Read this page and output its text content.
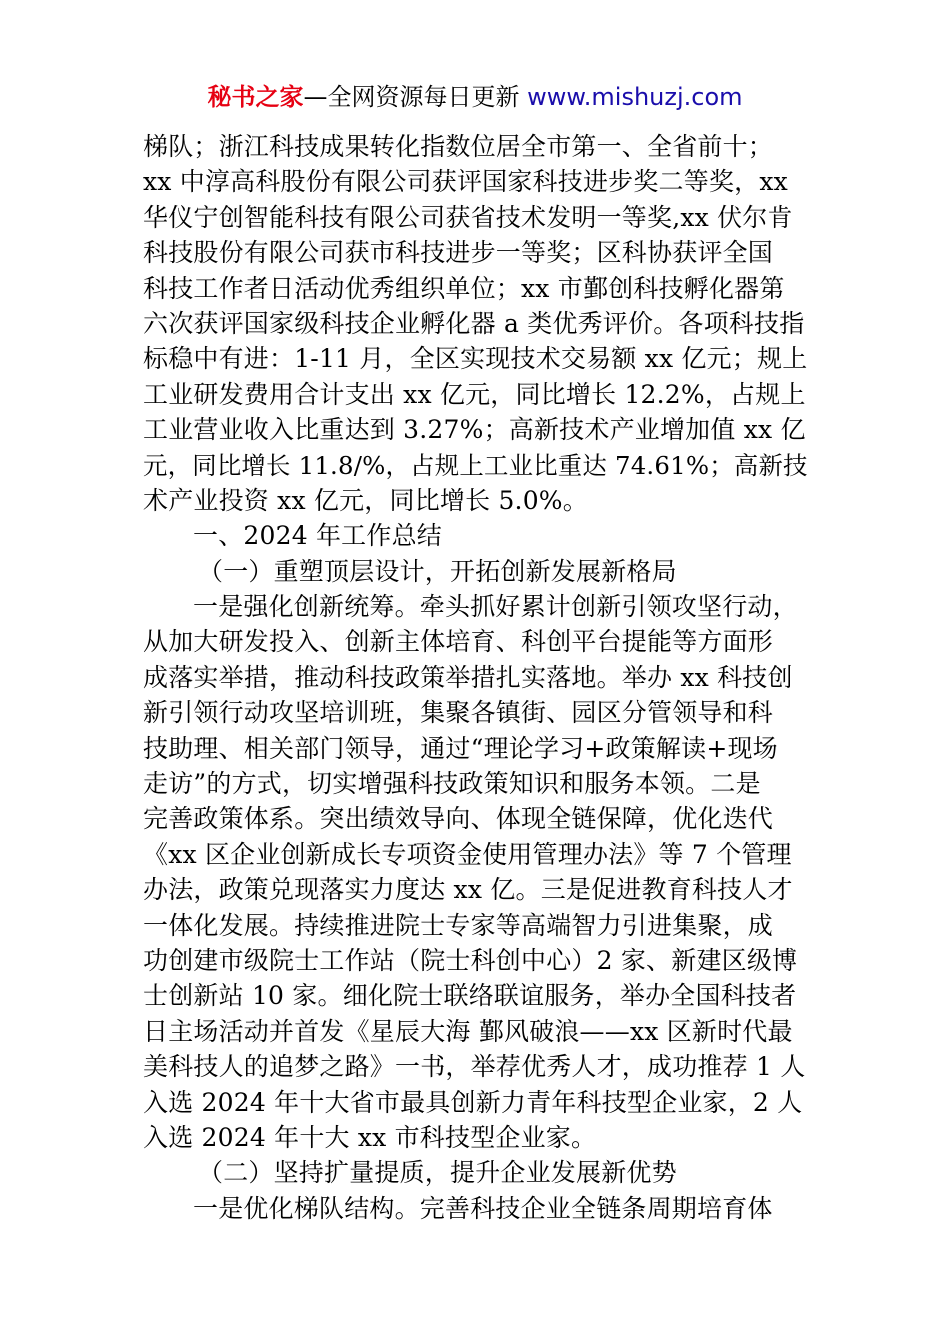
秘书之家—全网资源每日更新 www.mishuzj.com
梯队；浙江科技成果转化指数位居全市第一、全省前十；
xx 中淳高科股份有限公司获评国家科技进步奖二等奖，xx
华仪宁创智能科技有限公司获省技术发明一等奖,xx 伏尔肯
科技股份有限公司获市科技进步一等奖；区科协获评全国
科技工作者日活动优秀组织单位；xx 市鄞创科技孵化器第
六次获评国家级科技企业孵化器 a 类优秀评价。各项科技指
标稳中有进：1-11 月，全区实现技术交易额 xx 亿元；规上
工业研发费用合计支出 xx 亿元，同比增长 12.2%，占规上
工业营业收入比重达到 3.27%；高新技术产业增加值 xx 亿
元，同比增长 11.8/%，占规上工业比重达 74.61%；高新技
术产业投资 xx 亿元，同比增长 5.0%。
一、2024 年工作总结
（一）重塑顶层设计，开拓创新发展新格局
一是强化创新统筹。牵头抓好累计创新引领攻坚行动，
从加大研发投入、创新主体培育、科创平台提能等方面形
成落实举措，推动科技政策举措扎实落地。举办 xx 科技创
新引领行动攻坚培训班，集聚各镇街、园区分管领导和科
技助理、相关部门领导，通过“理论学习+政策解读+现场
走访”的方式，切实增强科技政策知识和服务本领。二是
完善政策体系。突出绩效导向、体现全链保障，优化迭代
《xx 区企业创新成长专项资金使用管理办法》等 7 个管理
办法，政策兑现落实力度达 xx 亿。三是促进教育科技人才
一体化发展。持续推进院士专家等高端智力引进集聚，成
功创建市级院士工作站（院士科创中心）2 家、新建区级博
士创新站 10 家。细化院士联络联谊服务，举办全国科技者
日主场活动并首发《星辰大海 鄞风破浪——xx 区新时代最
美科技人的追梦之路》一书，举荐优秀人才，成功推荐 1 人
入选 2024 年十大省市最具创新力青年科技型企业家，2 人
入选 2024 年十大 xx 市科技型企业家。
（二）坚持扩量提质，提升企业发展新优势
一是优化梯队结构。完善科技企业全链条周期培育体
